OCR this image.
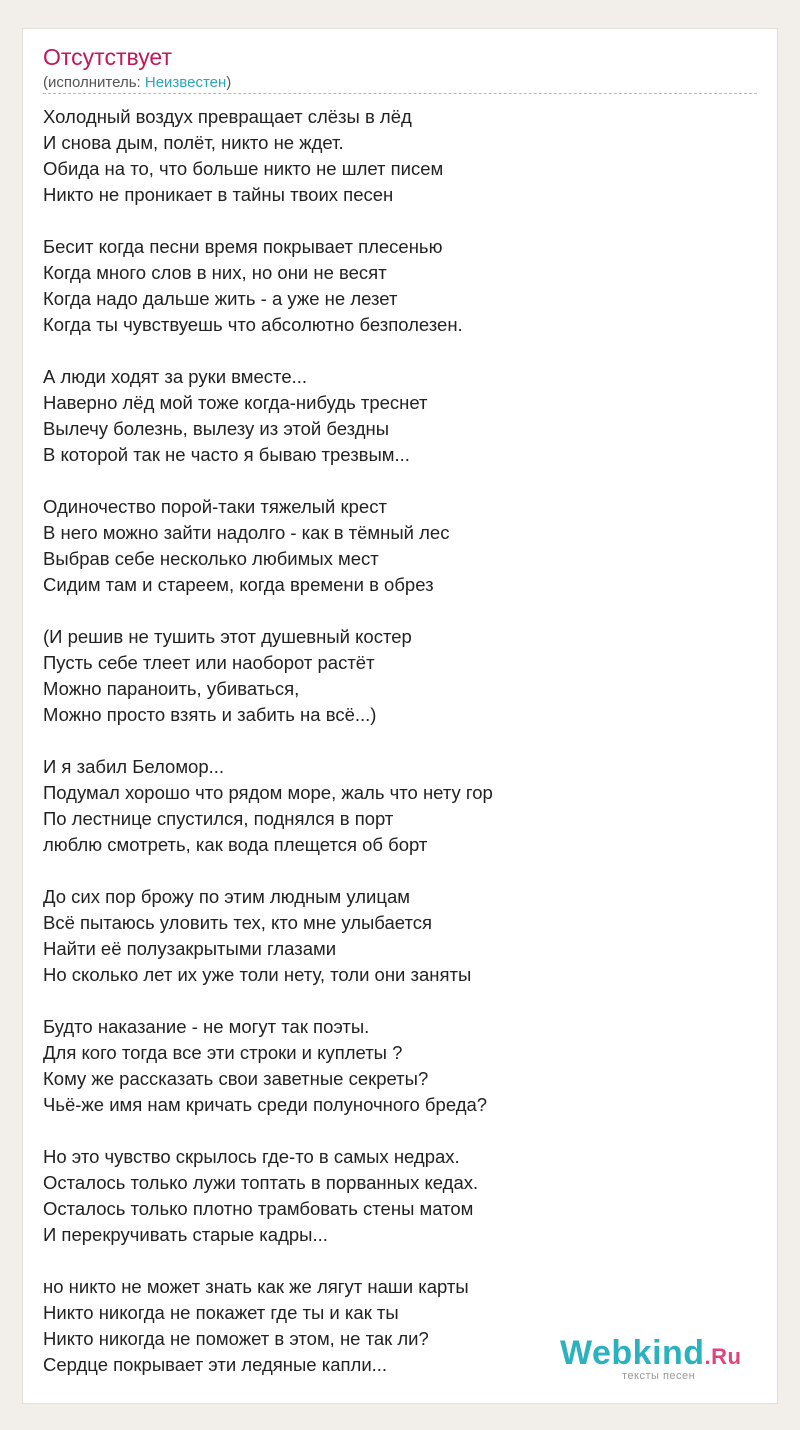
Отсутствует
(исполнитель: Неизвестен)
Холодный воздух превращает слёзы в лёд
И снова дым, полёт, никто не ждет.
Обида на то, что больше никто не шлет писем
Никто не проникает в тайны твоих песен
Бесит когда песни время покрывает плесенью
Когда много слов в них, но они не весят
Когда надо дальше жить - а уже не лезет
Когда ты чувствуешь что абсолютно безполезен.
А люди ходят за руки вместе...
Наверно лёд мой тоже когда-нибудь треснет
Вылечу болезнь, вылезу из этой бездны
В которой так не часто я бываю трезвым...
Одиночество порой-таки тяжелый крест
В него можно зайти надолго - как в тёмный лес
Выбрав себе несколько любимых мест
Сидим там и стареем, когда времени в обрез
(И решив не тушить этот душевный костер
Пусть себе тлеет или наоборот растёт
Можно параноить, убиваться,
Можно просто взять и забить на всё...)
И я забил Беломор...
Подумал хорошо что рядом море, жаль что нету гор
По лестнице спустился, поднялся в порт
люблю смотреть, как вода плещется об борт
До сих пор брожу по этим людным улицам
Всё пытаюсь уловить тех, кто мне улыбается
Найти её полузакрытыми глазами
Но сколько лет их уже толи нету, толи они заняты
Будто наказание - не могут так поэты.
Для кого тогда все эти строки и куплеты ?
Кому же рассказать свои заветные секреты?
Чьё-же имя нам кричать среди полуночного бреда?
Но это чувство скрылось где-то в самых недрах.
Осталось только лужи топтать в порванных кедах.
Осталось только плотно трамбовать стены матом
И перекручивать старые кадры...
но никто не может знать как же лягут наши карты
Никто никогда не покажет где ты и как ты
Никто никогда не поможет в этом, не так ли?
Сердце покрывает эти ледяные капли...	Webkind.Ru
тексты песен
